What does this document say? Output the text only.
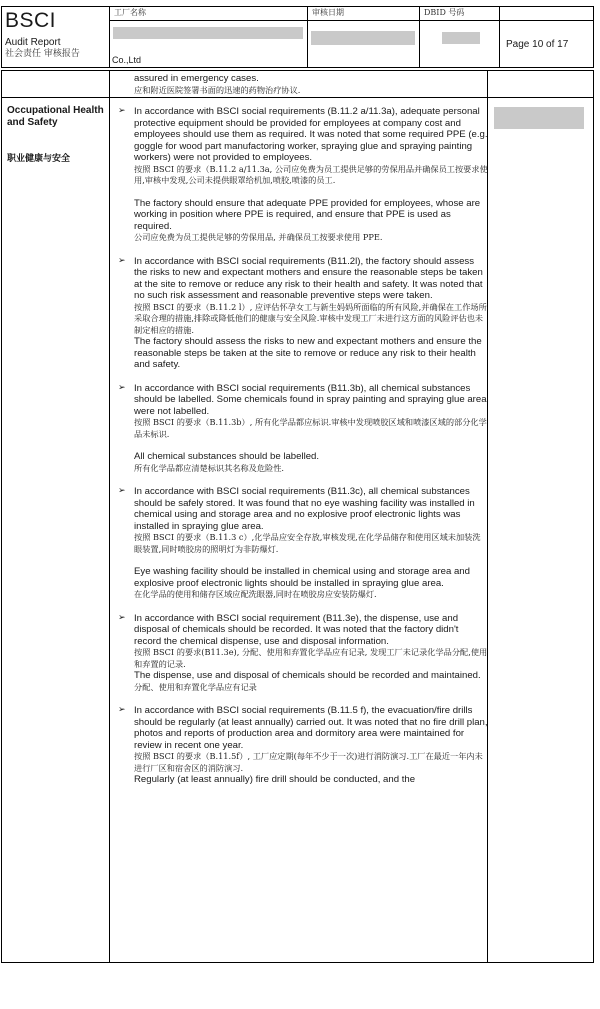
BSCI
Audit Report
社会责任 审核报告
工厂名称
Co.,Ltd
审核日期	DBID 号码
Page 10 of 17
Occupational Health and Safety
职业健康与安全

assured in emergency cases.

应和附近医院签署书面的迅速的药物治疗协议.

➢ In accordance with BSCI social requirements (B.11.2 a/11.3a), adequate personal protective equipment should be provided for employees at company cost and employees should use them as required. It was noted that some required PPE (e.g. goggle for wood part manufactoring worker, spraying glue and spraying painting workers) were not provided to employees.

按照 BSCI 的要求（B.11.2 a/11.3a, 公司应免费为员工提供足够的劳保用品并确保员工按要求使用,审核中发现,公司未提供眼罩给机加,喷胶,喷漆的员工.

The factory should ensure that adequate PPE provided for employees, whose are working in position where PPE is required, and ensure that PPE is used as required.

公司应免费为员工提供足够的劳保用品, 并确保员工按要求使用 PPE.

➢ In accordance with BSCI social requirements (B11.2l), the factory should assess the risks to new and expectant mothers and ensure the reasonable steps be taken at the site to remove or reduce any risk to their health and safety. It was noted that no such risk assessment and reasonable preventive steps were taken.

按照 BSCI 的要求（B.11.2 l）, 应评估怀孕女工与新生妈妈所面临的所有风险,并确保在工作场所采取合理的措施,排除或降低他们的健康与安全风险.审核中发现工厂未进行这方面的风险评估也未制定相应的措施.

The factory should assess the risks to new and expectant mothers and ensure the reasonable steps be taken at the site to remove or reduce any risk to their health and safety.

➢ In accordance with BSCI social requirements (B11.3b), all chemical substances should be labelled. Some chemicals found in spray painting and spraying glue area were not labelled.

按照 BSCI 的要求（B.11.3b）, 所有化学品都应标识.审核中发现喷胶区域和喷漆区域的部分化学品未标识.

All chemical substances should be labelled.

所有化学品都应清楚标识其名称及危险性.

➢ In accordance with BSCI social requirements (B11.3c), all chemical substances should be safely stored. It was found that no eye washing facility was installed in chemical using and storage area and no explosive proof electronic lights was installed in spraying glue area.

按照 BSCI 的要求（B.11.3 c）,化学品应安全存放,审核发现,在化学品储存和使用区域未加装洗眼装置,同时喷胶房的照明灯为非防爆灯.

Eye washing facility should be installed in chemical using and storage area and explosive proof electronic lights should be installed in spraying glue area.

在化学品的使用和储存区域应配洗眼器,同时在喷胶房应安装防爆灯.

➢ In accordance with BSCI social requirement (B11.3e), the dispense, use and disposal of chemicals should be recorded. It was noted that the factory didn't record the chemical dispense, use and disposal information.

按照 BSCI 的要求(B11.3e), 分配、使用和弃置化学品应有记录, 发现工厂未记录化学品分配,使用和弃置的记录.

The dispense, use and disposal of chemicals should be recorded and maintained.

分配、使用和弃置化学品应有记录

➢ In accordance with BSCI social requirements (B.11.5 f), the evacuation/fire drills should be regularly (at least annually) carried out. It was noted that no fire drill plan, photos and reports of production area and dormitory area were maintained for review in recent one year.

按照 BSCI 的要求（B.11.5f）, 工厂应定期(每年不少于一次)进行消防演习.工厂在最近一年内未进行厂区和宿舍区的消防演习.

Regularly (at least annually) fire drill should be conducted, and the
